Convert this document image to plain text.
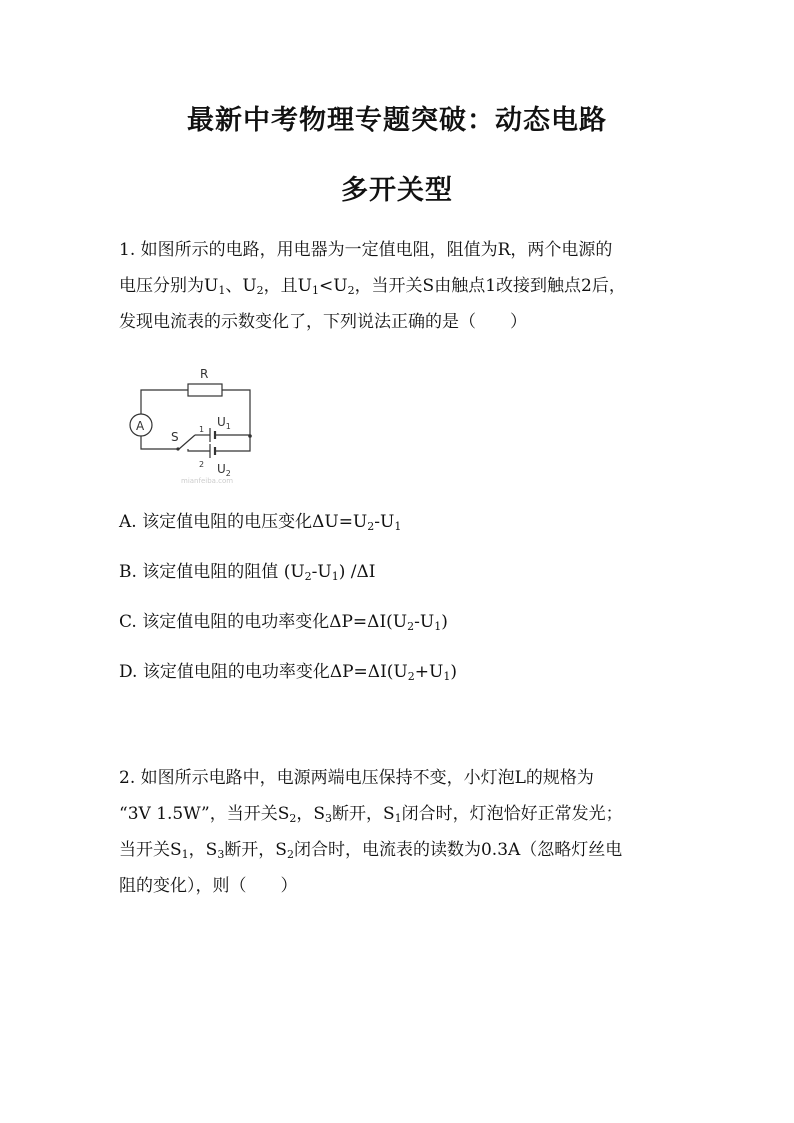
最新中考物理专题突破：动态电路
多开关型
1. 如图所示的电路，用电器为一定值电阻，阻值为R，两个电源的
电压分别为$U_1$、$U_2$，且$U_1<U_2$，当开关S由触点1改接到触点2后，
发现电流表的示数变化了，下列说法正确的是（　　）
R
A
S
1
2
$U_1$
$U_2$
mianfeiba.com
A. 该定值电阻的电压变化$\Delta U=U_2-U_1$
B. 该定值电阻的阻值 $(U_2-U_1)$ /ΔI
C. 该定值电阻的电功率变化$\Delta P=\Delta I(U_2-U_1)$
D. 该定值电阻的电功率变化$\Delta P=\Delta I(U_2+U_1)$
2. 如图所示电路中，电源两端电压保持不变，小灯泡L的规格为
“3V 1.5W”，当开关$S_2$，$S_3$断开，$S_1$闭合时，灯泡恰好正常发光；
当开关$S_1$，$S_3$断开，$S_2$闭合时，电流表的读数为0.3A（忽略灯丝电
阻的变化），则（　　）
